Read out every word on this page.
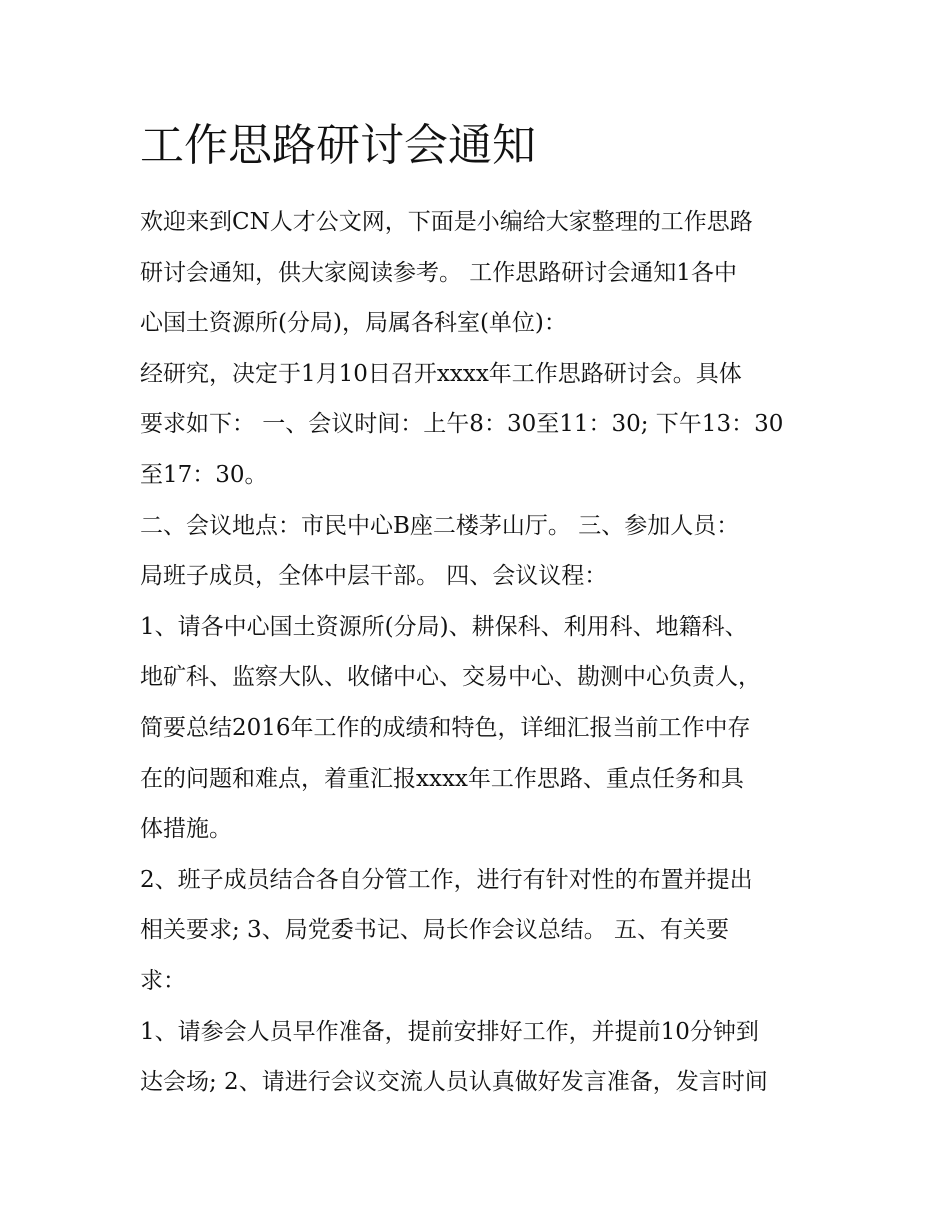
工作思路研讨会通知

欢迎来到CN人才公文网，下面是小编给大家整理的工作思路

研讨会通知，供大家阅读参考。 工作思路研讨会通知1各中

心国土资源所(分局)，局属各科室(单位)：

经研究，决定于1月10日召开xxxx年工作思路研讨会。具体

要求如下： 一、会议时间：上午8：30至11：30; 下午13：30

至17：30。

二、会议地点：市民中心B座二楼茅山厅。 三、参加人员：

局班子成员，全体中层干部。 四、会议议程：

1、请各中心国土资源所(分局)、耕保科、利用科、地籍科、

地矿科、监察大队、收储中心、交易中心、勘测中心负责人，

简要总结2016年工作的成绩和特色，详细汇报当前工作中存

在的问题和难点，着重汇报xxxx年工作思路、重点任务和具

体措施。

2、班子成员结合各自分管工作，进行有针对性的布置并提出

相关要求; 3、局党委书记、局长作会议总结。 五、有关要

求：

1、请参会人员早作准备，提前安排好工作，并提前10分钟到

达会场; 2、请进行会议交流人员认真做好发言准备，发言时间
